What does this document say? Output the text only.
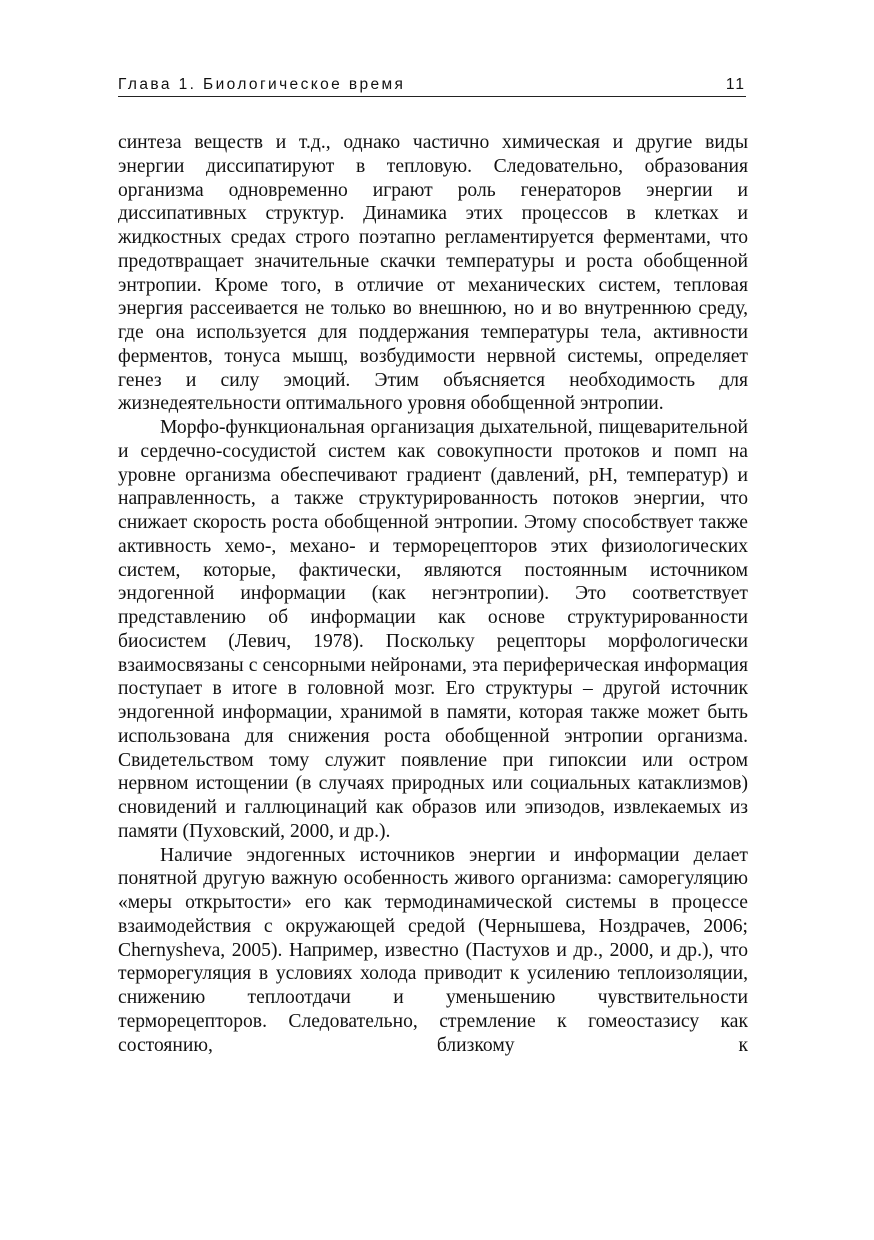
Глава 1. Биологическое время	11

синтеза веществ и т.д., однако частично химическая и другие виды энергии диссипатируют в тепловую. Следовательно, образования организма одновременно играют роль генераторов энергии и диссипативных структур. Динамика этих процессов в клетках и жидкостных средах строго поэтапно регламентируется ферментами, что предотвращает значительные скачки температуры и роста обобщенной энтропии. Кроме того, в отличие от механических систем, тепловая энергия рассеивается не только во внешнюю, но и во внутреннюю среду, где она используется для поддержания температуры тела, активности ферментов, тонуса мышц, возбудимости нервной системы, определяет генез и силу эмоций. Этим объясняется необходимость для жизнедеятельности оптимального уровня обобщенной энтропии.

Морфо-функциональная организация дыхательной, пищеварительной и сердечно-сосудистой систем как совокупности протоков и помп на уровне организма обеспечивают градиент (давлений, pH, температур) и направленность, а также структурированность потоков энергии, что снижает скорость роста обобщенной энтропии. Этому способствует также активность хемо-, механо- и терморецепторов этих физиологических систем, которые, фактически, являются постоянным источником эндогенной информации (как негэнтропии). Это соответствует представлению об информации как основе структурированности биосистем (Левич, 1978). Поскольку рецепторы морфологически взаимосвязаны с сенсорными нейронами, эта периферическая информация поступает в итоге в головной мозг. Его структуры – другой источник эндогенной информации, хранимой в памяти, которая также может быть использована для снижения роста обобщенной энтропии организма. Свидетельством тому служит появление при гипоксии или остром нервном истощении (в случаях природных или социальных катаклизмов) сновидений и галлюцинаций как образов или эпизодов, извлекаемых из памяти (Пуховский, 2000, и др.).

Наличие эндогенных источников энергии и информации делает понятной другую важную особенность живого организма: саморегуляцию «меры открытости» его как термодинамической системы в процессе взаимодействия с окружающей средой (Чернышева, Ноздрачев, 2006; Chernysheva, 2005). Например, известно (Пастухов и др., 2000, и др.), что терморегуляция в условиях холода приводит к усилению теплоизоляции, снижению теплоотдачи и уменьшению чувствительности терморецепторов. Следовательно, стремление к гомеостазису как состоянию, близкому к
